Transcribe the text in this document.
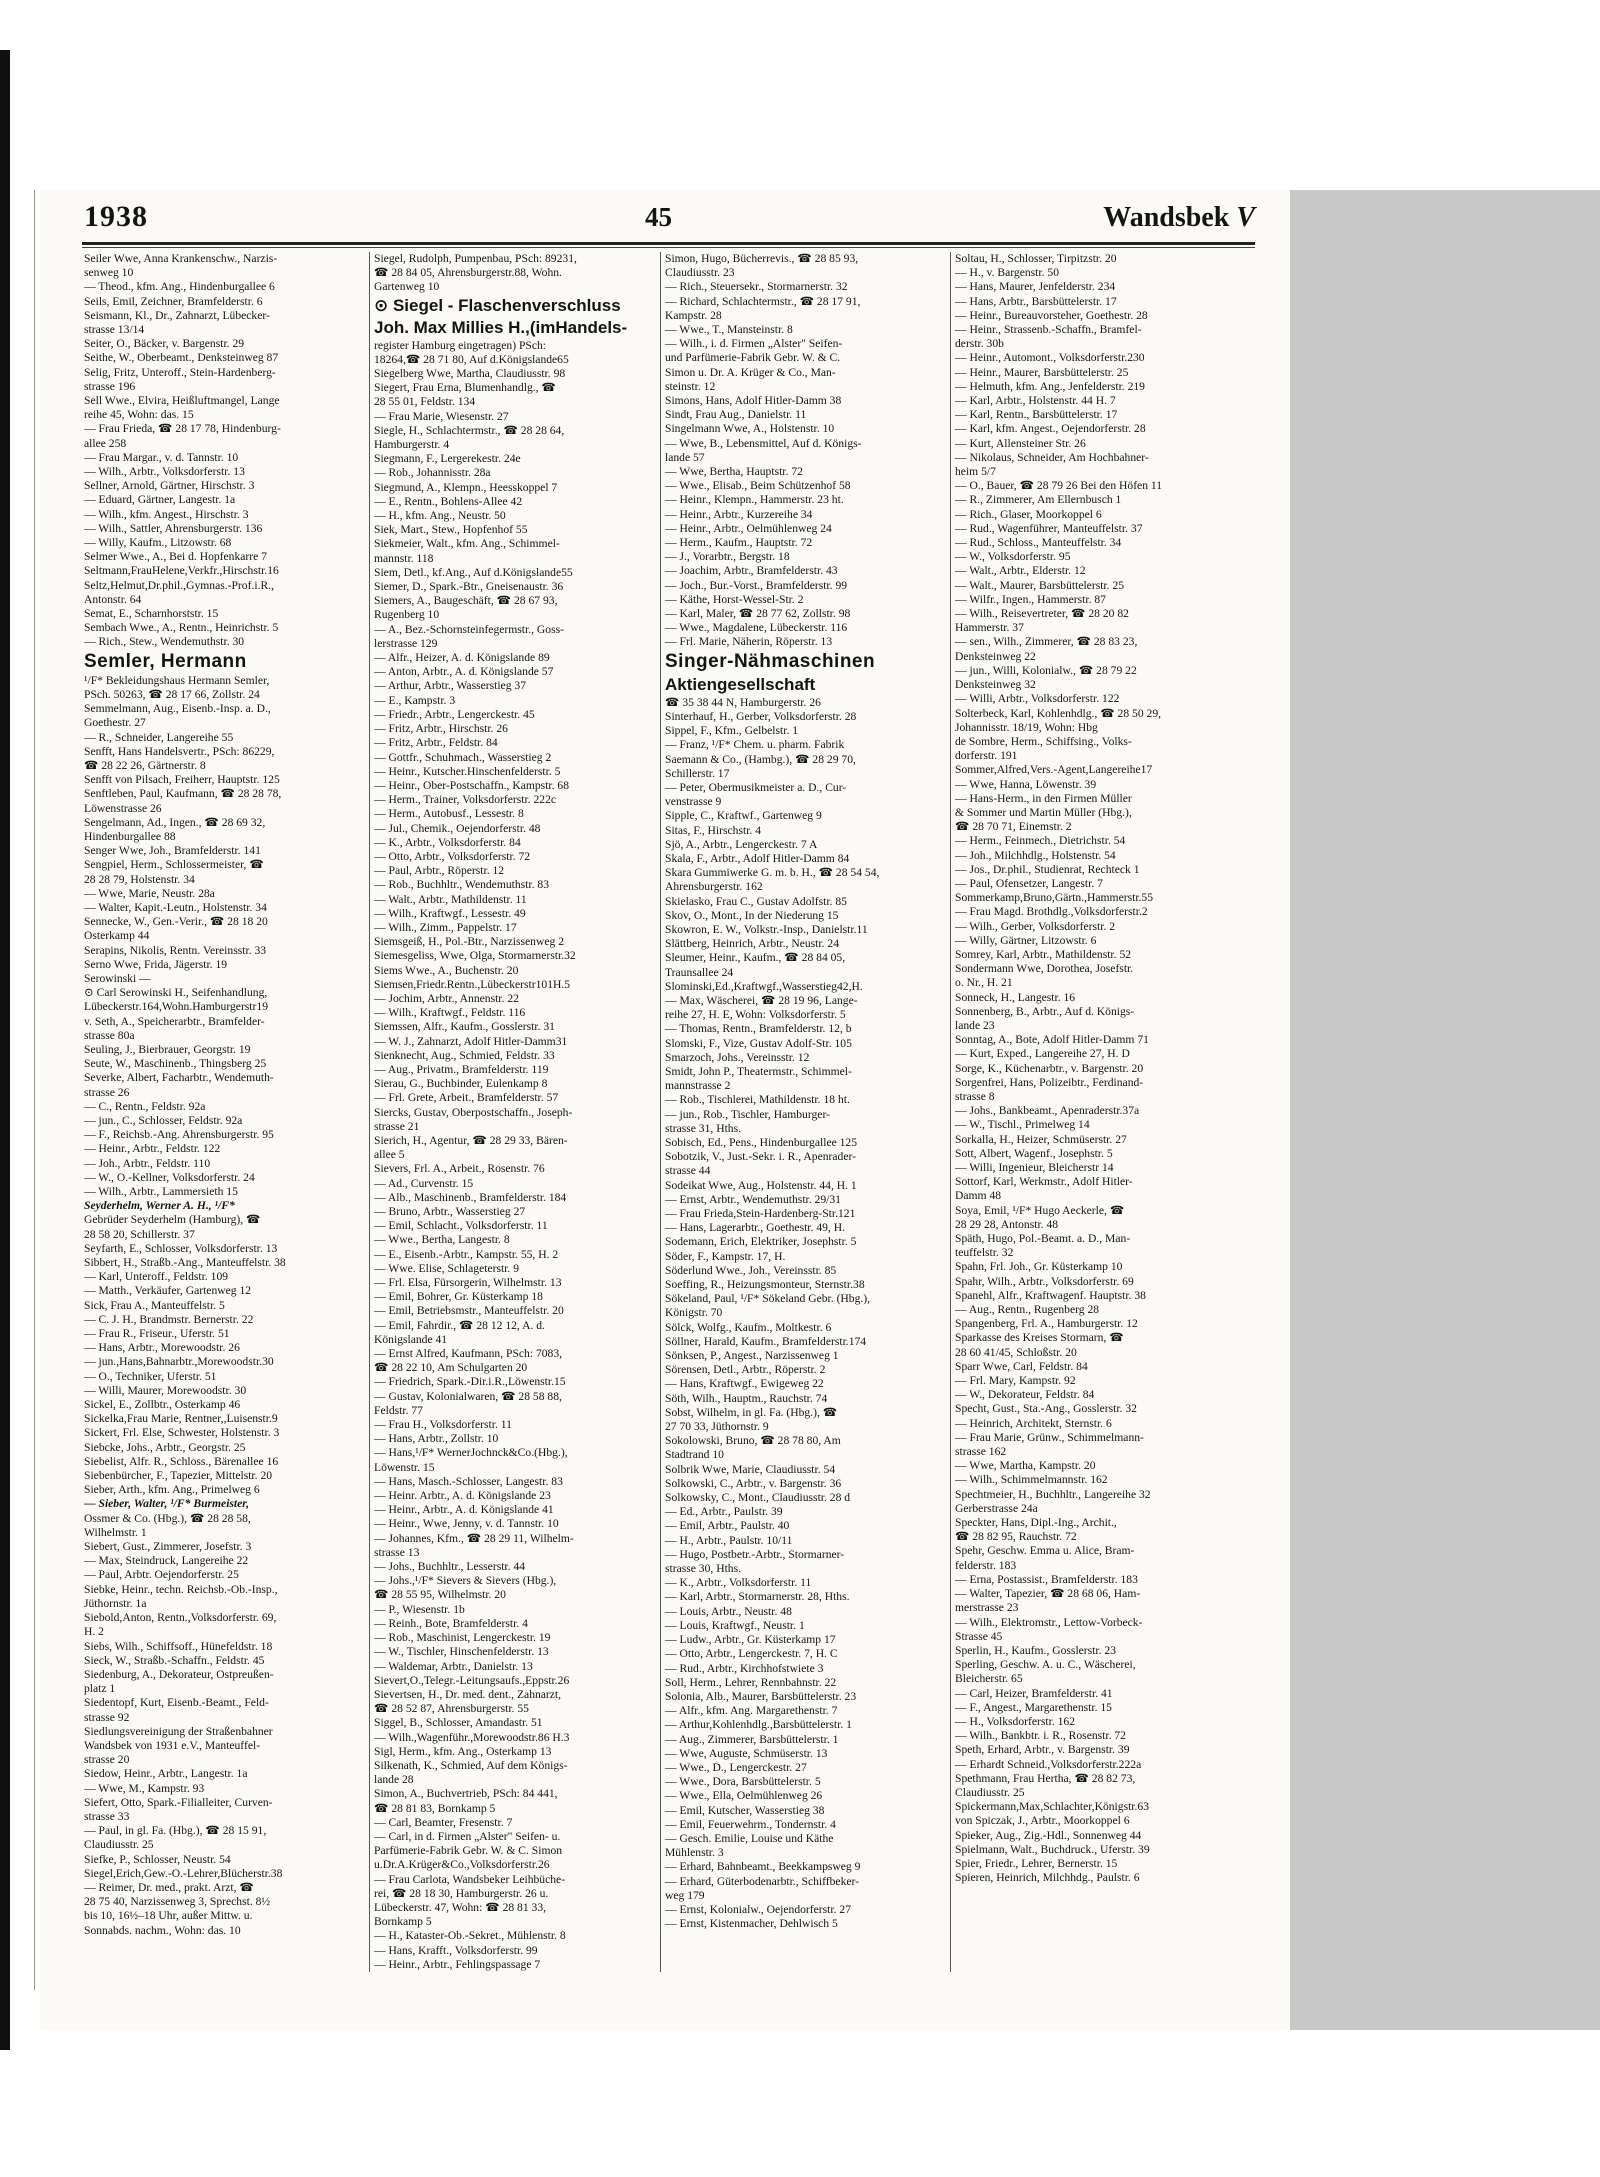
1938	45	Wandsbek V
Seiler Wwe, Anna Krankenschw., Narzis-
senweg 10
— Theod., kfm. Ang., Hindenburgallee 6
Seils, Emil, Zeichner, Bramfelderstr. 6
Seismann, Kl., Dr., Zahnarzt, Lübecker-
strasse 13/14
Seiter, O., Bäcker, v. Bargenstr. 29
Seithe, W., Oberbeamt., Denksteinweg 87
Selig, Fritz, Unteroff., Stein-Hardenberg-
strasse 196
Sell Wwe., Elvira, Heißluftmangel, Lange
reihe 45, Wohn: das. 15
— Frau Frieda, ☎ 28 17 78, Hindenburg-
allee 258
— Frau Margar., v. d. Tannstr. 10
— Wilh., Arbtr., Volksdorferstr. 13
Sellner, Arnold, Gärtner, Hirschstr. 3
— Eduard, Gärtner, Langestr. 1a
— Wilh., kfm. Angest., Hirschstr. 3
— Wilh., Sattler, Ahrensburgerstr. 136
— Willy, Kaufm., Litzowstr. 68
Selmer Wwe., A., Bei d. Hopfenkarre 7
Seltmann,FrauHelene,Verkfr.,Hirschstr.16
Seltz,Helmut,Dr.phil.,Gymnas.-Prof.i.R.,
Antonstr. 64
Semat, E., Scharnhorststr. 15
Sembach Wwe., A., Rentn., Heinrichstr. 5
— Rich., Stew., Wendemuthstr. 30
Semler, Hermann
¹/F* Bekleidungshaus Hermann Semler,
PSch. 50263, ☎ 28 17 66, Zollstr. 24
Semmelmann, Aug., Eisenb.-Insp. a. D.,
Goethestr. 27
— R., Schneider, Langereihe 55
Senfft, Hans Handelsvertr., PSch: 86229,
☎ 28 22 26, Gärtnerstr. 8
Senfft von Pilsach, Freiherr, Hauptstr. 125
Senftleben, Paul, Kaufmann, ☎ 28 28 78,
Löwenstrasse 26
Sengelmann, Ad., Ingen., ☎ 28 69 32,
Hindenburgallee 88
Senger Wwe, Joh., Bramfelderstr. 141
Sengpiel, Herm., Schlossermeister, ☎
28 28 79, Holstenstr. 34
— Wwe, Marie, Neustr. 28a
— Walter, Kapit.-Leutn., Holstenstr. 34
Sennecke, W., Gen.-Verir., ☎ 28 18 20
Osterkamp 44
Serapins, Nikolis, Rentn. Vereinsstr. 33
Serno Wwe, Frida, Jägerstr. 19
Serowinski —
⊙ Carl Serowinski H., Seifenhandlung,
Lübeckerstr.164,Wohn.Hamburgerstr19
v. Seth, A., Speicherarbtr., Bramfelder-
strasse 80a
Seuling, J., Bierbrauer, Georgstr. 19
Seute, W., Maschinenb., Thingsberg 25
Severke, Albert, Facharbtr., Wendemuth-
strasse 26
— C., Rentn., Feldstr. 92a
— jun., C., Schlosser, Feldstr. 92a
— F., Reichsb.-Ang. Ahrensburgerstr. 95
— Heinr., Arbtr., Feldstr. 122
— Joh., Arbtr., Feldstr. 110
— W., O.-Kellner, Volksdorferstr. 24
— Wilh., Arbtr., Lammersieth 15
Seyderhelm, Werner A. H., ¹/F*
Gebrüder Seyderhelm (Hamburg), ☎
28 58 20, Schillerstr. 37
Seyfarth, E., Schlosser, Volksdorferstr. 13
Sibbert, H., Straßb.-Ang., Manteuffelstr. 38
— Karl, Unteroff., Feldstr. 109
— Matth., Verkäufer, Gartenweg 12
Sick, Frau A., Manteuffelstr. 5
— C. J. H., Brandmstr. Bernerstr. 22
— Frau R., Friseur., Uferstr. 51
— Hans, Arbtr., Morewoodstr. 26
— jun.,Hans,Bahnarbtr.,Morewoodstr.30
— O., Techniker, Uferstr. 51
— Willi, Maurer, Morewoodstr. 30
Sickel, E., Zollbtr., Osterkamp 46
Sickelka,Frau Marie, Rentner,,Luisenstr.9
Sickert, Frl. Else, Schwester, Holstenstr. 3
Siebcke, Johs., Arbtr., Georgstr. 25
Siebelist, Alfr. R., Schloss., Bärenallee 16
Siebenbürcher, F., Tapezier, Mittelstr. 20
Sieber, Arth., kfm. Ang., Primelweg 6
— Sieber, Walter, ¹/F* Burmeister,
Ossmer & Co. (Hbg.), ☎ 28 28 58,
Wilhelmstr. 1
Siebert, Gust., Zimmerer, Josefstr. 3
— Max, Steindruck, Langereihe 22
— Paul, Arbtr. Oejendorferstr. 25
Siebke, Heinr., techn. Reichsb.-Ob.-Insp.,
Jüthornstr. 1a
Siebold,Anton, Rentn.,Volksdorferstr. 69,
H. 2
Siebs, Wilh., Schiffsoff., Hünefeldstr. 18
Sieck, W., Straßb.-Schaffn., Feldstr. 45
Siedenburg, A., Dekorateur, Ostpreußen-
platz 1
Siedentopf, Kurt, Eisenb.-Beamt., Feld-
strasse 92
Siedlungsvereinigung der Straßenbahner
Wandsbek von 1931 e.V., Manteuffel-
strasse 20
Siedow, Heinr., Arbtr., Langestr. 1a
— Wwe, M., Kampstr. 93
Siefert, Otto, Spark.-Filialleiter, Curven-
strasse 33
— Paul, in gl. Fa. (Hbg.), ☎ 28 15 91,
Claudiusstr. 25
Siefke, P., Schlosser, Neustr. 54
Siegel,Erich,Gew.-O.-Lehrer,Blücherstr.38
— Reimer, Dr. med., prakt. Arzt, ☎
28 75 40, Narzissenweg 3, Sprechst. 8½
bis 10, 16½–18 Uhr, außer Mittw. u.
Sonnabds. nachm., Wohn: das. 10
Siegel, Rudolph, Pumpenbau, PSch: 89231,
☎ 28 84 05, Ahrensburgerstr.88, Wohn.
Gartenweg 10
⊙ Siegel - Flaschenverschluss
Joh. Max Millies H.,(imHandels-
register Hamburg eingetragen) PSch:
18264,☎ 28 71 80, Auf d.Königslande65
Siegelberg Wwe, Martha, Claudiusstr. 98
Siegert, Frau Erna, Blumenhandlg., ☎
28 55 01, Feldstr. 134
— Frau Marie, Wiesenstr. 27
Siegle, H., Schlachtermstr., ☎ 28 28 64,
Hamburgerstr. 4
Siegmann, F., Lergerekestr. 24e
— Rob., Johannisstr. 28a
Siegmund, A., Klempn., Heesskoppel 7
— E., Rentn., Bohlens-Allee 42
— H., kfm. Ang., Neustr. 50
Siek, Mart., Stew., Hopfenhof 55
Siekmeier, Walt., kfm. Ang., Schimmel-
mannstr. 118
Siem, Detl., kf.Ang., Auf d.Königslande55
Siemer, D., Spark.-Btr., Gneisenaustr. 36
Siemers, A., Baugeschäft, ☎ 28 67 93,
Rugenberg 10
— A., Bez.-Schornsteinfegermstr., Goss-
lerstrasse 129
— Alfr., Heizer, A. d. Königslande 89
— Anton, Arbtr., A. d. Königslande 57
— Arthur, Arbtr., Wasserstieg 37
— E., Kampstr. 3
— Friedr., Arbtr., Lengerckestr. 45
— Fritz, Arbtr., Hirschstr. 26
— Fritz, Arbtr., Feldstr. 84
— Gottfr., Schuhmach., Wasserstieg 2
— Heinr., Kutscher.Hinschenfelderstr. 5
— Heinr., Ober-Postschaffn., Kampstr. 68
— Herm., Trainer, Volksdorferstr. 222c
— Herm., Autobusf., Lessestr. 8
— Jul., Chemik., Oejendorferstr. 48
— K., Arbtr., Volksdorferstr. 84
— Otto, Arbtr., Volksdorferstr. 72
— Paul, Arbtr., Röperstr. 12
— Rob., Buchhltr., Wendemuthstr. 83
— Walt., Arbtr., Mathildenstr. 11
— Wilh., Kraftwgf., Lessestr. 49
— Wilh., Zimm., Pappelstr. 17
Siemsgeiß, H., Pol.-Btr., Narzissenweg 2
Siemesgeliss, Wwe, Olga, Stormarnerstr.32
Siems Wwe., A., Buchenstr. 20
Siemsen,Friedr.Rentn.,Lübeckerstr101H.5
— Jochim, Arbtr., Annenstr. 22
— Wilh., Kraftwgf., Feldstr. 116
Siemssen, Alfr., Kaufm., Gosslerstr. 31
— W. J., Zahnarzt, Adolf Hitler-Damm31
Sienknecht, Aug., Schmied, Feldstr. 33
— Aug., Privatm., Bramfelderstr. 119
Sierau, G., Buchbinder, Eulenkamp 8
— Frl. Grete, Arbeit., Bramfelderstr. 57
Siercks, Gustav, Oberpostschaffn., Joseph-
strasse 21
Sierich, H., Agentur, ☎ 28 29 33, Bären-
allee 5
Sievers, Frl. A., Arbeit., Rosenstr. 76
— Ad., Curvenstr. 15
— Alb., Maschinenb., Bramfelderstr. 184
— Bruno, Arbtr., Wasserstieg 27
— Emil, Schlacht., Volksdorferstr. 11
— Wwe., Bertha, Langestr. 8
— E., Eisenb.-Arbtr., Kampstr. 55, H. 2
— Wwe. Elise, Schlageterstr. 9
— Frl. Elsa, Fürsorgerin, Wilhelmstr. 13
— Emil, Bohrer, Gr. Küsterkamp 18
— Emil, Betriebsmstr., Manteuffelstr. 20
— Emil, Fahrdir., ☎ 28 12 12, A. d.
Königslande 41
— Ernst Alfred, Kaufmann, PSch: 7083,
☎ 28 22 10, Am Schulgarten 20
— Friedrich, Spark.-Dir.i.R.,Löwenstr.15
— Gustav, Kolonialwaren, ☎ 28 58 88,
Feldstr. 77
— Frau H., Volksdorferstr. 11
— Hans, Arbtr., Zollstr. 10
— Hans,¹/F* WernerJochnck&Co.(Hbg.),
Löwenstr. 15
— Hans, Masch.-Schlosser, Langestr. 83
— Heinr. Arbtr., A. d. Königslande 23
— Heinr., Arbtr., A. d. Königslande 41
— Heinr., Wwe, Jenny, v. d. Tannstr. 10
— Johannes, Kfm., ☎ 28 29 11, Wilhelm-
strasse 13
— Johs., Buchhltr., Lesserstr. 44
— Johs.,¹/F* Sievers & Sievers (Hbg.),
☎ 28 55 95, Wilhelmstr. 20
— P., Wiesenstr. 1b
— Reinh., Bote, Bramfelderstr. 4
— Rob., Maschinist, Lengerckestr. 19
— W., Tischler, Hinschenfelderstr. 13
— Waldemar, Arbtr., Danielstr. 13
Sievert,O.,Telegr.-Leitungsaufs.,Eppstr.26
Sievertsen, H., Dr. med. dent., Zahnarzt,
☎ 28 52 87, Ahrensburgerstr. 55
Siggel, B., Schlosser, Amandastr. 51
— Wilh.,Wagenführ.,Morewoodstr.86 H.3
Sigl, Herm., kfm. Ang., Osterkamp 13
Silkenath, K., Schmied, Auf dem Königs-
lande 28
Simon, A., Buchvertrieb, PSch: 84 441,
☎ 28 81 83, Bornkamp 5
— Carl, Beamter, Fresenstr. 7
— Carl, in d. Firmen „Alster" Seifen- u.
Parfümerie-Fabrik Gebr. W. & C. Simon
u.Dr.A.Krüger&Co.,Volksdorferstr.26
— Frau Carlota, Wandsbeker Leihbüche-
rei, ☎ 28 18 30, Hamburgerstr. 26 u.
Lübeckerstr. 47, Wohn: ☎ 28 81 33,
Bornkamp 5
— H., Kataster-Ob.-Sekret., Mühlenstr. 8
— Hans, Krafft., Volksdorferstr. 99
— Heinr., Arbtr., Fehlingspassage 7
Simon, Hugo, Bücherrevis., ☎ 28 85 93,
Claudiusstr. 23
— Rich., Steuersekr., Stormarnerstr. 32
— Richard, Schlachtermstr., ☎ 28 17 91,
Kampstr. 28
— Wwe., T., Mansteinstr. 8
— Wilh., i. d. Firmen „Alster" Seifen-
und Parfümerie-Fabrik Gebr. W. & C.
Simon u. Dr. A. Krüger & Co., Man-
steinstr. 12
Simons, Hans, Adolf Hitler-Damm 38
Sindt, Frau Aug., Danielstr. 11
Singelmann Wwe, A., Holstenstr. 10
— Wwe, B., Lebensmittel, Auf d. Königs-
lande 57
— Wwe, Bertha, Hauptstr. 72
— Wwe., Elisab., Beim Schützenhof 58
— Heinr., Klempn., Hammerstr. 23 ht.
— Heinr., Arbtr., Kurzereihe 34
— Heinr., Arbtr., Oelmühlenweg 24
— Herm., Kaufm., Hauptstr. 72
— J., Vorarbtr., Bergstr. 18
— Joachim, Arbtr., Bramfelderstr. 43
— Joch., Bur.-Vorst., Bramfelderstr. 99
— Käthe, Horst-Wessel-Str. 2
— Karl, Maler, ☎ 28 77 62, Zollstr. 98
— Wwe., Magdalene, Lübeckerstr. 116
— Frl. Marie, Näherin, Röperstr. 13
Singer-Nähmaschinen
Aktiengesellschaft
☎ 35 38 44 N, Hamburgerstr. 26
Sinterhauf, H., Gerber, Volksdorferstr. 28
Sippel, F., Kfm., Gelbelstr. 1
— Franz, ¹/F* Chem. u. pharm. Fabrik
Saemann & Co., (Hambg.), ☎ 28 29 70,
Schillerstr. 17
— Peter, Obermusikmeister a. D., Cur-
venstrasse 9
Sipple, C., Kraftwf., Gartenweg 9
Sitas, F., Hirschstr. 4
Sjö, A., Arbtr., Lengerckestr. 7 A
Skala, F., Arbtr., Adolf Hitler-Damm 84
Skara Gummiwerke G. m. b. H., ☎ 28 54 54,
Ahrensburgerstr. 162
Skielasko, Frau C., Gustav Adolfstr. 85
Skov, O., Mont., In der Niederung 15
Skowron, E. W., Volkstr.-Insp., Danielstr.11
Slättberg, Heinrich, Arbtr., Neustr. 24
Sleumer, Heinr., Kaufm., ☎ 28 84 05,
Traunsallee 24
Slominski,Ed.,Kraftwgf.,Wasserstieg42,H.
— Max, Wäscherei, ☎ 28 19 96, Lange-
reihe 27, H. E, Wohn: Volksdorferstr. 5
— Thomas, Rentn., Bramfelderstr. 12, b
Slomski, F., Vize, Gustav Adolf-Str. 105
Smarzoch, Johs., Vereinsstr. 12
Smidt, John P., Theatermstr., Schimmel-
mannstrasse 2
— Rob., Tischlerei, Mathildenstr. 18 ht.
— jun., Rob., Tischler, Hamburger-
strasse 31, Hths.
Sobisch, Ed., Pens., Hindenburgallee 125
Sobotzik, V., Just.-Sekr. i. R., Apenrader-
strasse 44
Sodeikat Wwe, Aug., Holstenstr. 44, H. 1
— Ernst, Arbtr., Wendemuthstr. 29/31
— Frau Frieda,Stein-Hardenberg-Str.121
— Hans, Lagerarbtr., Goethestr. 49, H.
Sodemann, Erich, Elektriker, Josephstr. 5
Söder, F., Kampstr. 17, H.
Söderlund Wwe., Joh., Vereinsstr. 85
Soeffing, R., Heizungsmonteur, Sternstr.38
Sökeland, Paul, ¹/F* Sökeland Gebr. (Hbg.),
Königstr. 70
Sölck, Wolfg., Kaufm., Moltkestr. 6
Söllner, Harald, Kaufm., Bramfelderstr.174
Sönksen, P., Angest., Narzissenweg 1
Sörensen, Detl., Arbtr., Röperstr. 2
— Hans, Kraftwgf., Ewigeweg 22
Söth, Wilh., Hauptm., Rauchstr. 74
Sobst, Wilhelm, in gl. Fa. (Hbg.), ☎
27 70 33, Jüthornstr. 9
Sokolowski, Bruno, ☎ 28 78 80, Am
Stadtrand 10
Solbrik Wwe, Marie, Claudiusstr. 54
Solkowski, C., Arbtr., v. Bargenstr. 36
Solkowsky, C., Mont., Claudiusstr. 28 d
— Ed., Arbtr., Paulstr. 39
— Emil, Arbtr., Paulstr. 40
— H., Arbtr., Paulstr. 10/11
— Hugo, Postbetr.-Arbtr., Stormarner-
strasse 30, Hths.
— K., Arbtr., Volksdorferstr. 11
— Karl, Arbtr., Stormarnerstr. 28, Hths.
— Louis, Arbtr., Neustr. 48
— Louis, Kraftwgf., Neustr. 1
— Ludw., Arbtr., Gr. Küsterkamp 17
— Otto, Arbtr., Lengerckestr. 7, H. C
— Rud., Arbtr., Kirchhofstwiete 3
Soll, Herm., Lehrer, Rennbahnstr. 22
Solonia, Alb., Maurer, Barsbüttelerstr. 23
— Alfr., kfm. Ang. Margarethenstr. 7
— Arthur,Kohlenhdlg.,Barsbüttelerstr. 1
— Aug., Zimmerer, Barsbüttelerstr. 1
— Wwe, Auguste, Schmüserstr. 13
— Wwe., D., Lengerckestr. 27
— Wwe., Dora, Barsbüttelerstr. 5
— Wwe., Ella, Oelmühlenweg 26
— Emil, Kutscher, Wasserstieg 38
— Emil, Feuerwehrm., Tondernstr. 4
— Gesch. Emilie, Louise und Käthe
Mühlenstr. 3
— Erhard, Bahnbeamt., Beekkampsweg 9
— Erhard, Güterbodenarbtr., Schiffbeker-
weg 179
— Ernst, Kolonialw., Oejendorferstr. 27
— Ernst, Kistenmacher, Dehlwisch 5
Soltau, H., Schlosser, Tirpitzstr. 20
— H., v. Bargenstr. 50
— Hans, Maurer, Jenfelderstr. 234
— Hans, Arbtr., Barsbüttelerstr. 17
— Heinr., Bureauvorsteher, Goethestr. 28
— Heinr., Strassenb.-Schaffn., Bramfel-
derstr. 30b
— Heinr., Automont., Volksdorferstr.230
— Heinr., Maurer, Barsbüttelerstr. 25
— Helmuth, kfm. Ang., Jenfelderstr. 219
— Karl, Arbtr., Holstenstr. 44 H. 7
— Karl, Rentn., Barsbüttelerstr. 17
— Karl, kfm. Angest., Oejendorferstr. 28
— Kurt, Allensteiner Str. 26
— Nikolaus, Schneider, Am Hochbahner-
heim 5/7
— O., Bauer, ☎ 28 79 26 Bei den Höfen 11
— R., Zimmerer, Am Ellernbusch 1
— Rich., Glaser, Moorkoppel 6
— Rud., Wagenführer, Manteuffelstr. 37
— Rud., Schloss., Manteuffelstr. 34
— W., Volksdorferstr. 95
— Walt., Arbtr., Elderstr. 12
— Walt., Maurer, Barsbüttelerstr. 25
— Wilfr., Ingen., Hammerstr. 87
— Wilh., Reisevertreter, ☎ 28 20 82
Hammerstr. 37
— sen., Wilh., Zimmerer, ☎ 28 83 23,
Denksteinweg 22
— jun., Willi, Kolonialw., ☎ 28 79 22
Denksteinweg 32
— Willi, Arbtr., Volksdorferstr. 122
Solterbeck, Karl, Kohlenhdlg., ☎ 28 50 29,
Johannisstr. 18/19, Wohn: Hbg
de Sombre, Herm., Schiffsing., Volks-
dorferstr. 191
Sommer,Alfred,Vers.-Agent,Langereihe17
— Wwe, Hanna, Löwenstr. 39
— Hans-Herm., in den Firmen Müller
& Sommer und Martin Müller (Hbg.),
☎ 28 70 71, Einemstr. 2
— Herm., Feinmech., Dietrichstr. 54
— Joh., Milchhdlg., Holstenstr. 54
— Jos., Dr.phil., Studienrat, Rechteck 1
— Paul, Ofensetzer, Langestr. 7
Sommerkamp,Bruno,Gärtn.,Hammerstr.55
— Frau Magd. Brothdlg.,Volksdorferstr.2
— Wilh., Gerber, Volksdorferstr. 2
— Willy, Gärtner, Litzowstr. 6
Somrey, Karl, Arbtr., Mathildenstr. 52
Sondermann Wwe, Dorothea, Josefstr.
o. Nr., H. 21
Sonneck, H., Langestr. 16
Sonnenberg, B., Arbtr., Auf d. Königs-
lande 23
Sonntag, A., Bote, Adolf Hitler-Damm 71
— Kurt, Exped., Langereihe 27, H. D
Sorge, K., Küchenarbtr., v. Bargenstr. 20
Sorgenfrei, Hans, Polizeibtr., Ferdinand-
strasse 8
— Johs., Bankbeamt., Apenraderstr.37a
— W., Tischl., Primelweg 14
Sorkalla, H., Heizer, Schmüserstr. 27
Sott, Albert, Wagenf., Josephstr. 5
— Willi, Ingenieur, Bleicherstr 14
Sottorf, Karl, Werkmstr., Adolf Hitler-
Damm 48
Soya, Emil, ¹/F* Hugo Aeckerle, ☎
28 29 28, Antonstr. 48
Späth, Hugo, Pol.-Beamt. a. D., Man-
teuffelstr. 32
Spahn, Frl. Joh., Gr. Küsterkamp 10
Spahr, Wilh., Arbtr., Volksdorferstr. 69
Spanehl, Alfr., Kraftwagenf. Hauptstr. 38
— Aug., Rentn., Rugenberg 28
Spangenberg, Frl. A., Hamburgerstr. 12
Sparkasse des Kreises Stormarn, ☎
28 60 41/45, Schloßstr. 20
Sparr Wwe, Carl, Feldstr. 84
— Frl. Mary, Kampstr. 92
— W., Dekorateur, Feldstr. 84
Specht, Gust., Sta.-Ang., Gosslerstr. 32
— Heinrich, Architekt, Sternstr. 6
— Frau Marie, Grünw., Schimmelmann-
strasse 162
— Wwe, Martha, Kampstr. 20
— Wilh., Schimmelmannstr. 162
Spechtmeier, H., Buchhltr., Langereihe 32
Gerberstrasse 24a
Speckter, Hans, Dipl.-Ing., Archit.,
☎ 28 82 95, Rauchstr. 72
Spehr, Geschw. Emma u. Alice, Bram-
felderstr. 183
— Erna, Postassist., Bramfelderstr. 183
— Walter, Tapezier, ☎ 28 68 06, Ham-
merstrasse 23
— Wilh., Elektromstr., Lettow-Vorbeck-
Strasse 45
Sperlin, H., Kaufm., Gosslerstr. 23
Sperling, Geschw. A. u. C., Wäscherei,
Bleicherstr. 65
— Carl, Heizer, Bramfelderstr. 41
— F., Angest., Margarethenstr. 15
— H., Volksdorferstr. 162
— Wilh., Bankbtr. i. R., Rosenstr. 72
Speth, Erhard, Arbtr., v. Bargenstr. 39
— Erhardt Schneid.,Volksdorferstr.222a
Spethmann, Frau Hertha, ☎ 28 82 73,
Claudiusstr. 25
Spickermann,Max,Schlachter,Königstr.63
von Spiczak, J., Arbtr., Moorkoppel 6
Spieker, Aug., Zig.-Hdl., Sonnenweg 44
Spielmann, Walt., Buchdruck., Uferstr. 39
Spier, Friedr., Lehrer, Bernerstr. 15
Spieren, Heinrich, Milchhdg., Paulstr. 6
